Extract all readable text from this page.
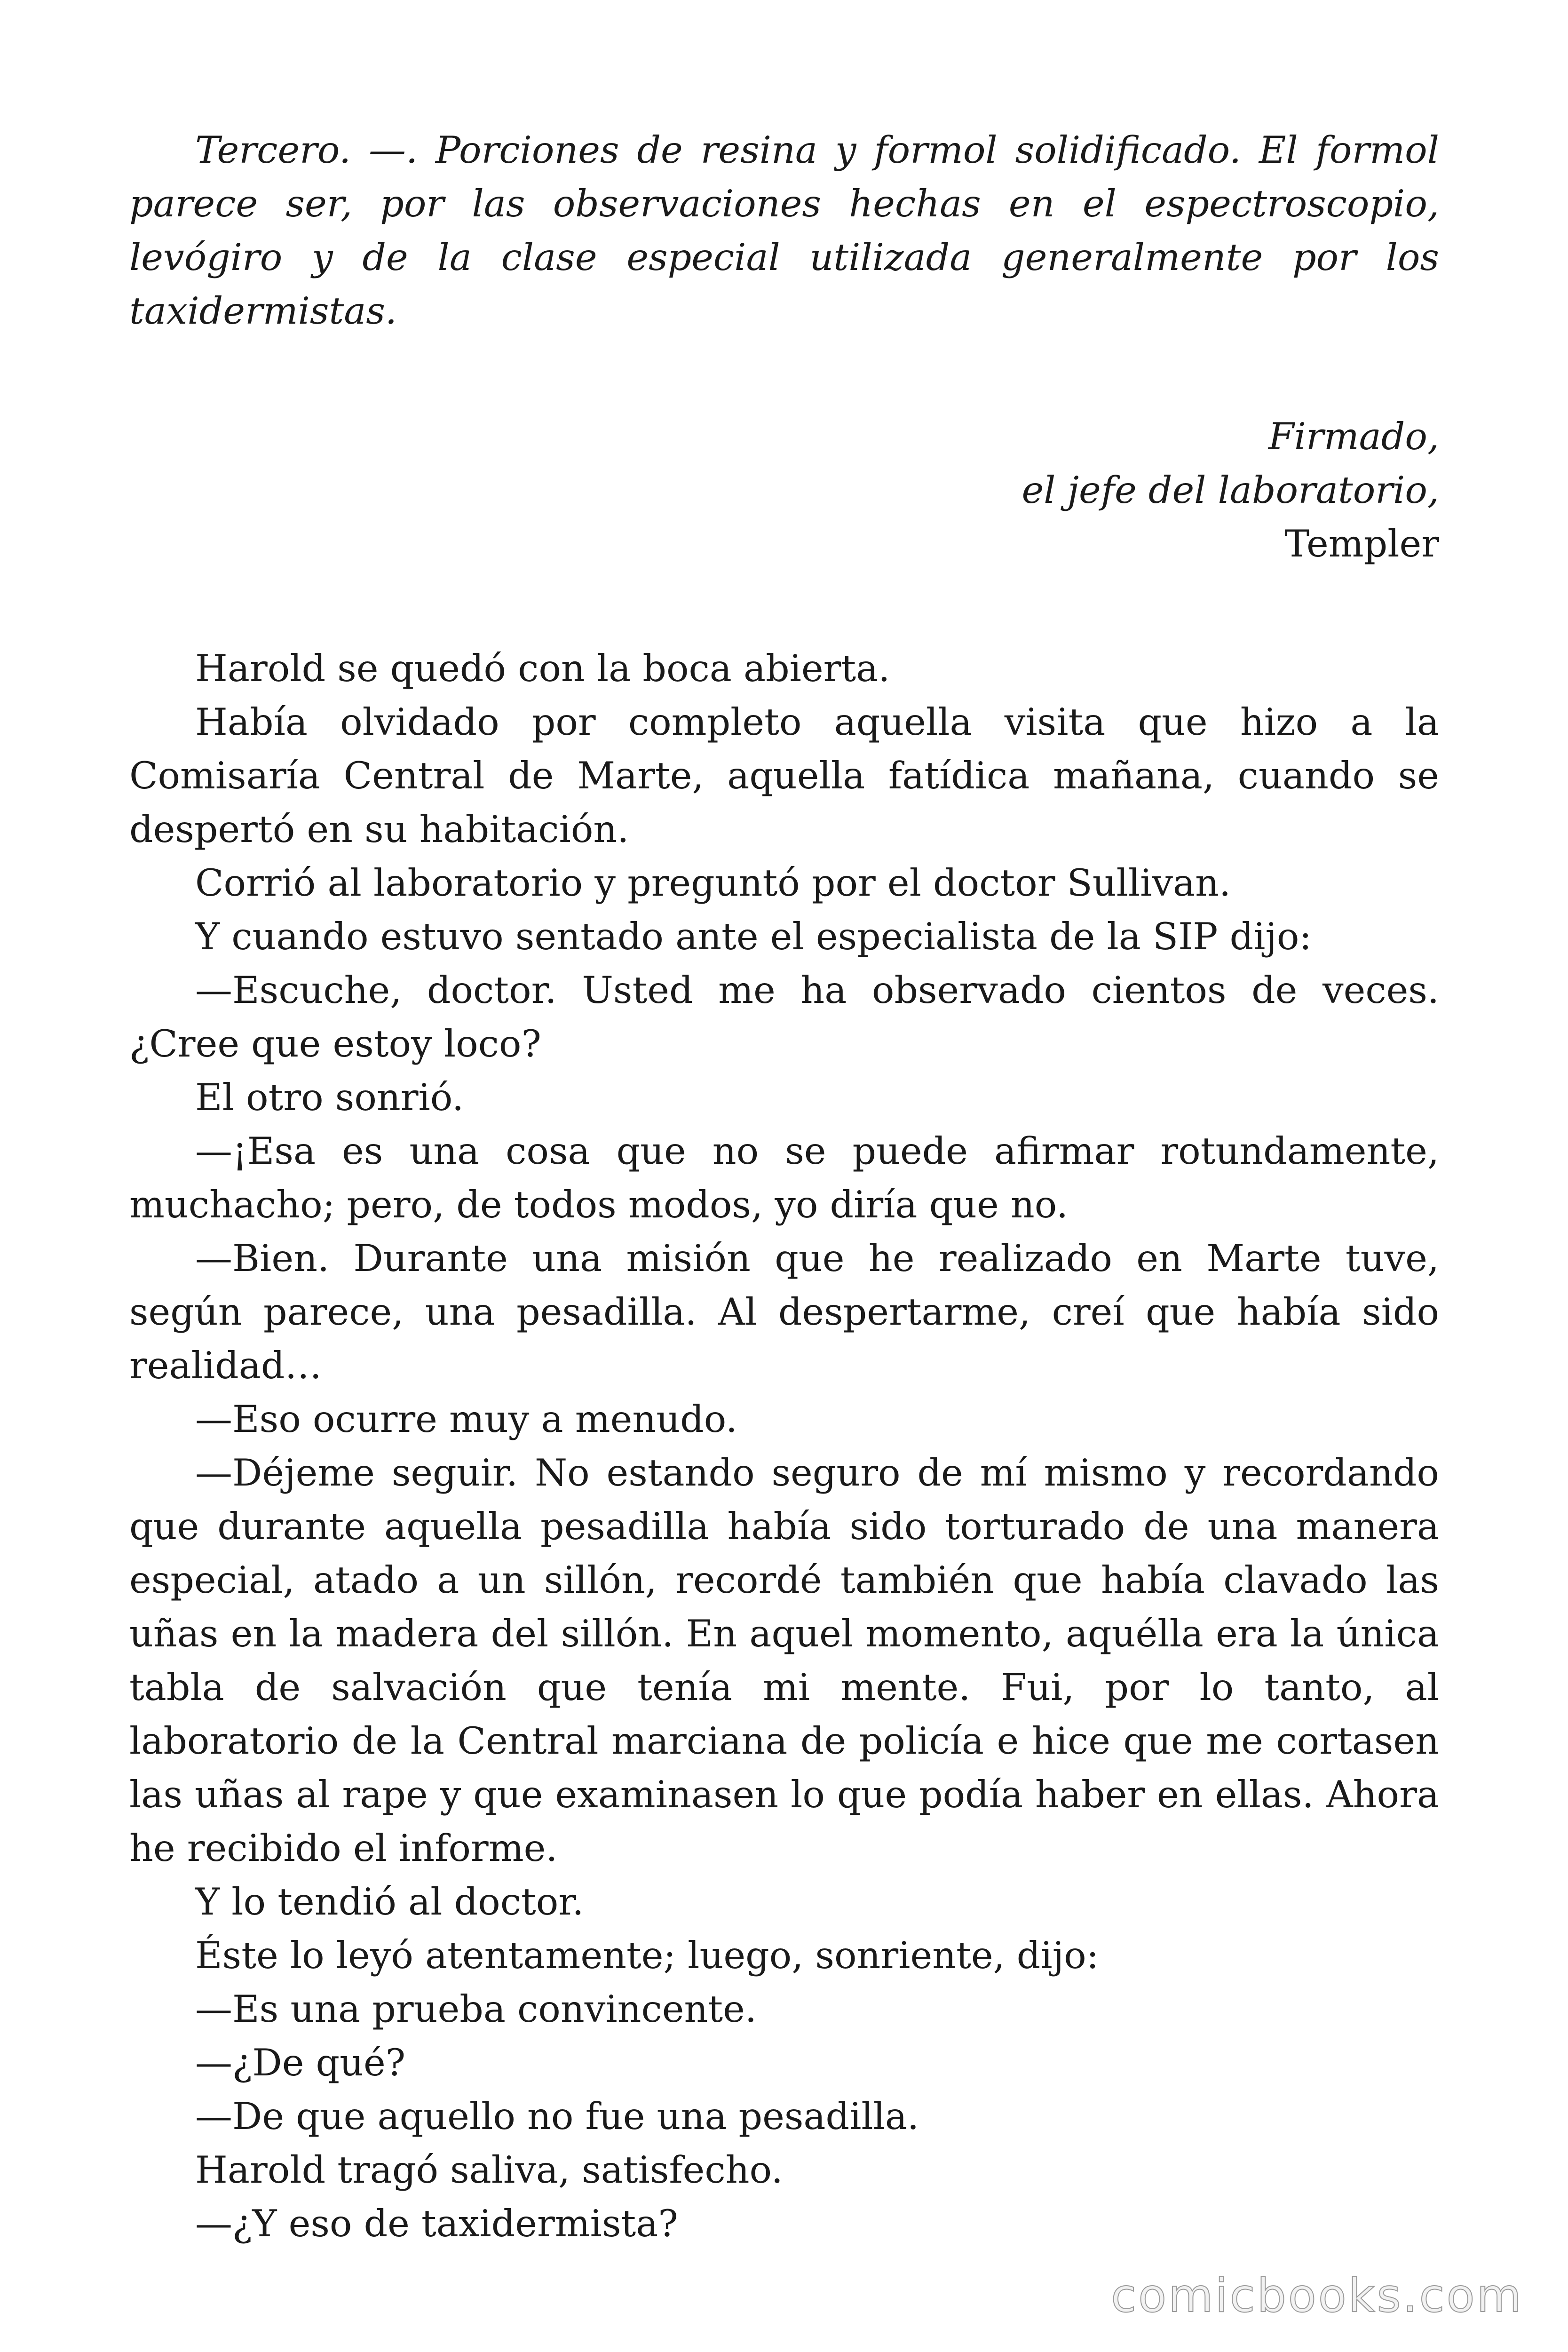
Tercero. —. Porciones de resina y formol solidificado. El formol parece ser, por las observaciones hechas en el espectroscopio, levógiro y de la clase especial utilizada generalmente por los taxidermistas.

Firmado,
el jefe del laboratorio,
Templer

Harold se quedó con la boca abierta.

Había olvidado por completo aquella visita que hizo a la Comisaría Central de Marte, aquella fatídica mañana, cuando se despertó en su habitación.

Corrió al laboratorio y preguntó por el doctor Sullivan.

Y cuando estuvo sentado ante el especialista de la SIP dijo:

—Escuche, doctor. Usted me ha observado cientos de veces. ¿Cree que estoy loco?

El otro sonrió.

—¡Esa es una cosa que no se puede afirmar rotundamente, muchacho; pero, de todos modos, yo diría que no.

—Bien. Durante una misión que he realizado en Marte tuve, según parece, una pesadilla. Al despertarme, creí que había sido realidad…

—Eso ocurre muy a menudo.

—Déjeme seguir. No estando seguro de mí mismo y recordando que durante aquella pesadilla había sido torturado de una manera especial, atado a un sillón, recordé también que había clavado las uñas en la madera del sillón. En aquel momento, aquélla era la única tabla de salvación que tenía mi mente. Fui, por lo tanto, al laboratorio de la Central marciana de policía e hice que me cortasen las uñas al rape y que examinasen lo que podía haber en ellas. Ahora he recibido el informe.

Y lo tendió al doctor.

Éste lo leyó atentamente; luego, sonriente, dijo:

—Es una prueba convincente.

—¿De qué?

—De que aquello no fue una pesadilla.

Harold tragó saliva, satisfecho.

—¿Y eso de taxidermista?

comicbooks.com
